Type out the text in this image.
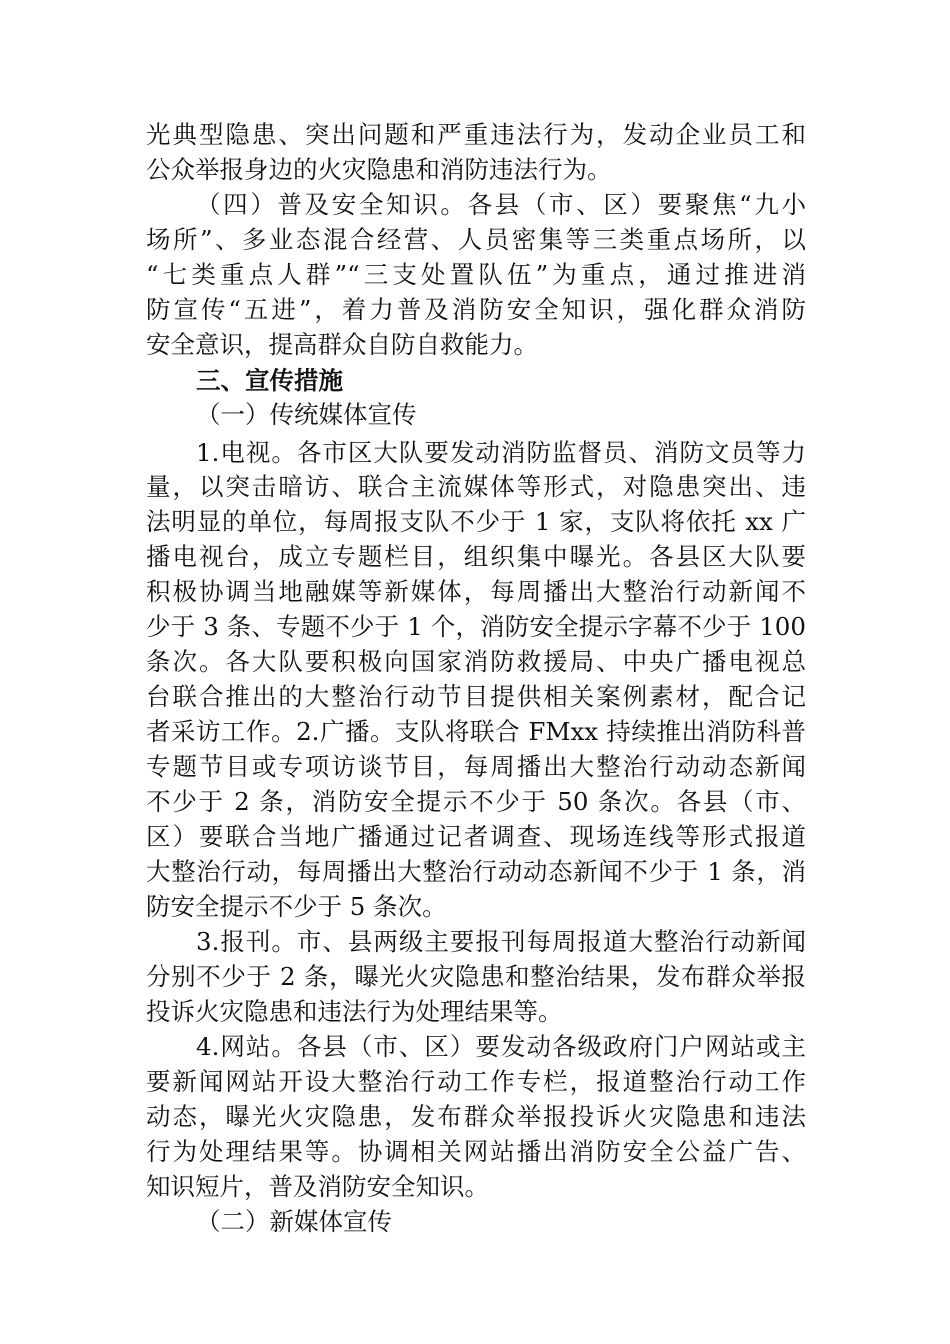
光典型隐患、突出问题和严重违法行为，发动企业员工和
公众举报身边的火灾隐患和消防违法行为。
（四）普及安全知识。各县（市、区）要聚焦“九小
场所”、多业态混合经营、人员密集等三类重点场所，以
“七类重点人群”“三支处置队伍”为重点，通过推进消
防宣传“五进”，着力普及消防安全知识，强化群众消防
安全意识，提高群众自防自救能力。
三、宣传措施
（一）传统媒体宣传
1.电视。各市区大队要发动消防监督员、消防文员等力
量，以突击暗访、联合主流媒体等形式，对隐患突出、违
法明显的单位，每周报支队不少于 1 家，支队将依托 xx 广
播电视台，成立专题栏目，组织集中曝光。各县区大队要
积极协调当地融媒等新媒体，每周播出大整治行动新闻不
少于 3 条、专题不少于 1 个，消防安全提示字幕不少于 100
条次。各大队要积极向国家消防救援局、中央广播电视总
台联合推出的大整治行动节目提供相关案例素材，配合记
者采访工作。2.广播。支队将联合 FMxx 持续推出消防科普
专题节目或专项访谈节目，每周播出大整治行动动态新闻
不少于 2 条，消防安全提示不少于 50 条次。各县（市、
区）要联合当地广播通过记者调查、现场连线等形式报道
大整治行动，每周播出大整治行动动态新闻不少于 1 条，消
防安全提示不少于 5 条次。
3.报刊。市、县两级主要报刊每周报道大整治行动新闻
分别不少于 2 条，曝光火灾隐患和整治结果，发布群众举报
投诉火灾隐患和违法行为处理结果等。
4.网站。各县（市、区）要发动各级政府门户网站或主
要新闻网站开设大整治行动工作专栏，报道整治行动工作
动态，曝光火灾隐患，发布群众举报投诉火灾隐患和违法
行为处理结果等。协调相关网站播出消防安全公益广告、
知识短片，普及消防安全知识。
（二）新媒体宣传
